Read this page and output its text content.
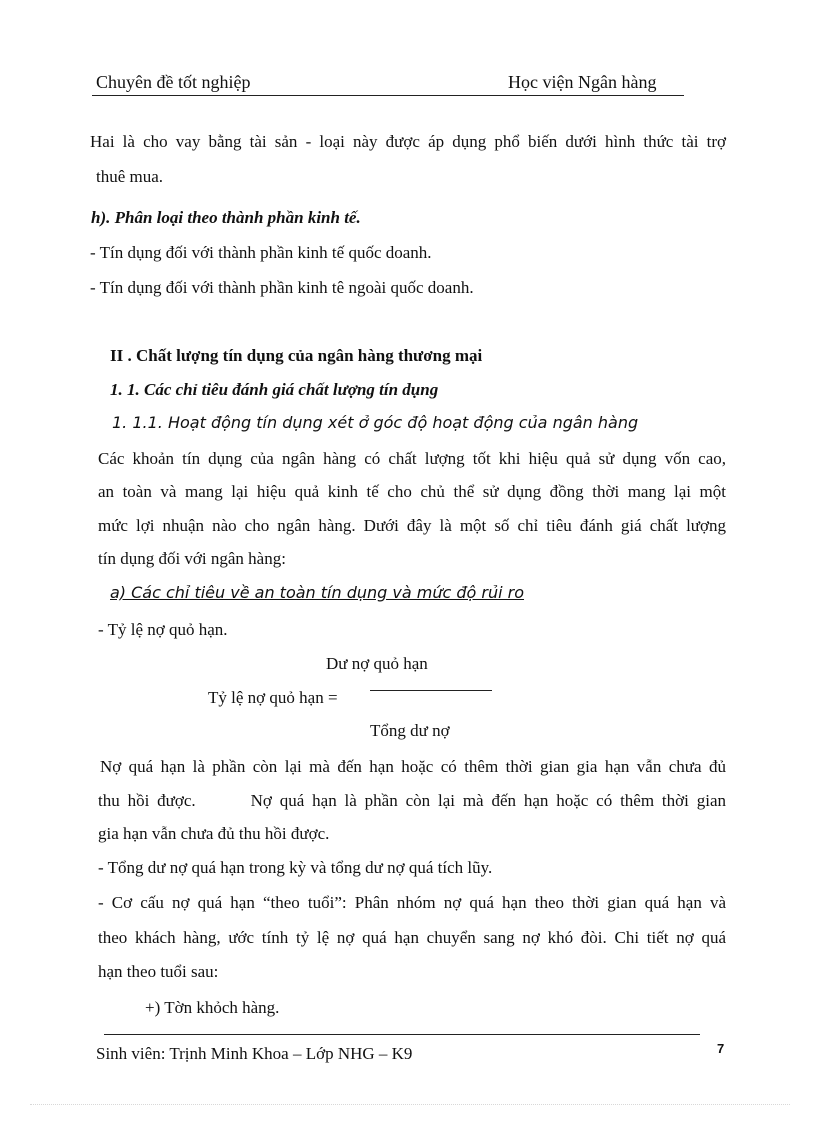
Chuyên đề tốt nghiệp	Học viện Ngân hàng
Hai là cho vay bằng tài sản - loại này được áp dụng phổ biến dưới hình thức tài trợ
thuê mua.
h). Phân loại theo thành phần kinh tế.
- Tín dụng đối với thành phần kinh tế quốc doanh.
- Tín dụng đối với thành phần kinh tê ngoài quốc doanh.
II . Chất lượng tín dụng của ngân hàng thương mại
1. 1. Các chỉ tiêu đánh giá chất lượng tín dụng
1. 1.1. Hoạt động tín dụng xét ở góc độ hoạt động của ngân hàng
Các khoản tín dụng của ngân hàng có chất lượng tốt khi hiệu quả sử dụng vốn cao,
an toàn và mang lại hiệu quả kinh tế cho chủ thể sử dụng đồng thời mang lại một
mức lợi nhuận nào cho ngân hàng. Dưới đây là một số chỉ tiêu đánh giá chất lượng
tín dụng đối với ngân hàng:
a) Các chỉ tiêu về an toàn tín dụng và mức độ rủi ro
- Tỷ lệ nợ quỏ hạn.
Dư nợ quỏ hạn
Tỷ lệ nợ quỏ hạn =
Tổng dư nợ
Nợ quá hạn là phần còn lại mà đến hạn hoặc có thêm thời gian gia hạn vẫn chưa đủ
thu hồi được.       Nợ quá hạn là phần còn lại mà đến hạn hoặc có thêm thời gian
gia hạn vẫn chưa đủ thu hồi được.
- Tổng dư nợ quá hạn trong kỳ và tổng dư nợ quá tích lũy.
- Cơ cấu nợ quá hạn “theo tuổi”: Phân nhóm nợ quá hạn theo thời gian quá hạn và
theo khách hàng, ước tính tỷ lệ nợ quá hạn chuyển sang nợ khó đòi. Chi tiết nợ quá
hạn theo tuổi sau:
+) Tờn khỏch hàng.
Sinh viên: Trịnh Minh Khoa – Lớp NHG – K9	7
